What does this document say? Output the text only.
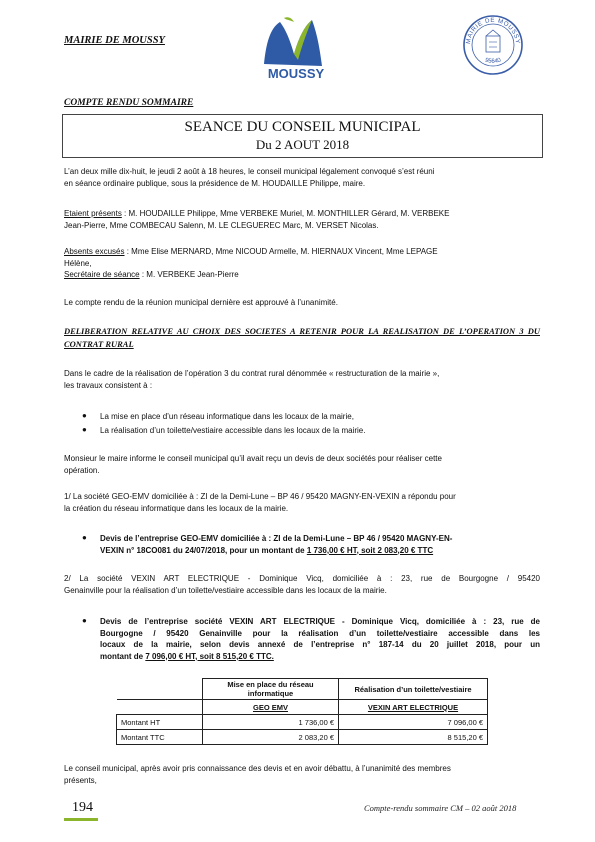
MAIRIE DE MOUSSY
MOUSSY
MAIRIE DE MOUSSY
95640
COMPTE RENDU SOMMAIRE
SEANCE DU CONSEIL MUNICIPAL
Du 2 AOUT 2018
L’an deux mille dix-huit, le jeudi 2 août à 18 heures, le conseil municipal légalement convoqué s’est réuni
en séance ordinaire publique, sous la présidence de M. HOUDAILLE Philippe, maire.
Etaient présents : M. HOUDAILLE Philippe, Mme VERBEKE Muriel, M. MONTHILLER Gérard, M. VERBEKE
Jean-Pierre, Mme COMBECAU Salenn, M. LE CLEGUEREC Marc, M. VERSET Nicolas.
Absents excusés : Mme Elise MERNARD, Mme NICOUD Armelle, M. HIERNAUX Vincent, Mme LEPAGE
Hélène,
Secrétaire de séance : M. VERBEKE Jean-Pierre
Le compte rendu de la réunion municipal dernière est approuvé à l’unanimité.
DELIBERATION RELATIVE AU CHOIX DES SOCIETES A RETENIR POUR LA REALISATION DE L’OPERATION 3 DU CONTRAT RURAL
Dans le cadre de la réalisation de l’opération 3 du contrat rural dénommée « restructuration de la mairie »,
les travaux consistent à :
● La mise en place d’un réseau informatique dans les locaux de la mairie,
● La réalisation d’un toilette/vestiaire accessible dans les locaux de la mairie.
Monsieur le maire informe le conseil municipal qu’il avait reçu un devis de deux sociétés pour réaliser cette
opération.
1/ La société GEO-EMV domiciliée à : ZI de la Demi-Lune – BP 46 / 95420 MAGNY-EN-VEXIN a répondu pour
la création du réseau informatique dans les locaux de la mairie.
● Devis de l’entreprise GEO-EMV domiciliée à : ZI de la Demi-Lune – BP 46 / 95420 MAGNY-EN-
VEXIN n° 18CO081 du 24/07/2018, pour un montant de 1 736,00 € HT, soit 2 083,20 € TTC
2/ La société VEXIN ART ELECTRIQUE - Dominique Vicq, domiciliée à : 23, rue de Bourgogne / 95420
Genainville pour la réalisation d’un toilette/vestiaire accessible dans les locaux de la mairie.
● Devis de l’entreprise société VEXIN ART ELECTRIQUE - Dominique Vicq, domiciliée à : 23, rue de
Bourgogne / 95420 Genainville pour la réalisation d’un toilette/vestiaire accessible dans les
locaux de la mairie, selon devis annexé de l’entreprise n° 187-14 du 20 juillet 2018, pour un
montant de 7 096,00 € HT, soit 8 515,20 € TTC.
	Mise en place du réseau informatique	Réalisation d’un toilette/vestiaire
	GEO EMV	VEXIN ART ELECTRIQUE
Montant HT	1 736,00 €	7 096,00 €
Montant TTC	2 083,20 €	8 515,20 €
Le conseil municipal, après avoir pris connaissance des devis et en avoir débattu, à l’unanimité des membres
présents,
194	Compte-rendu sommaire CM – 02 août 2018
